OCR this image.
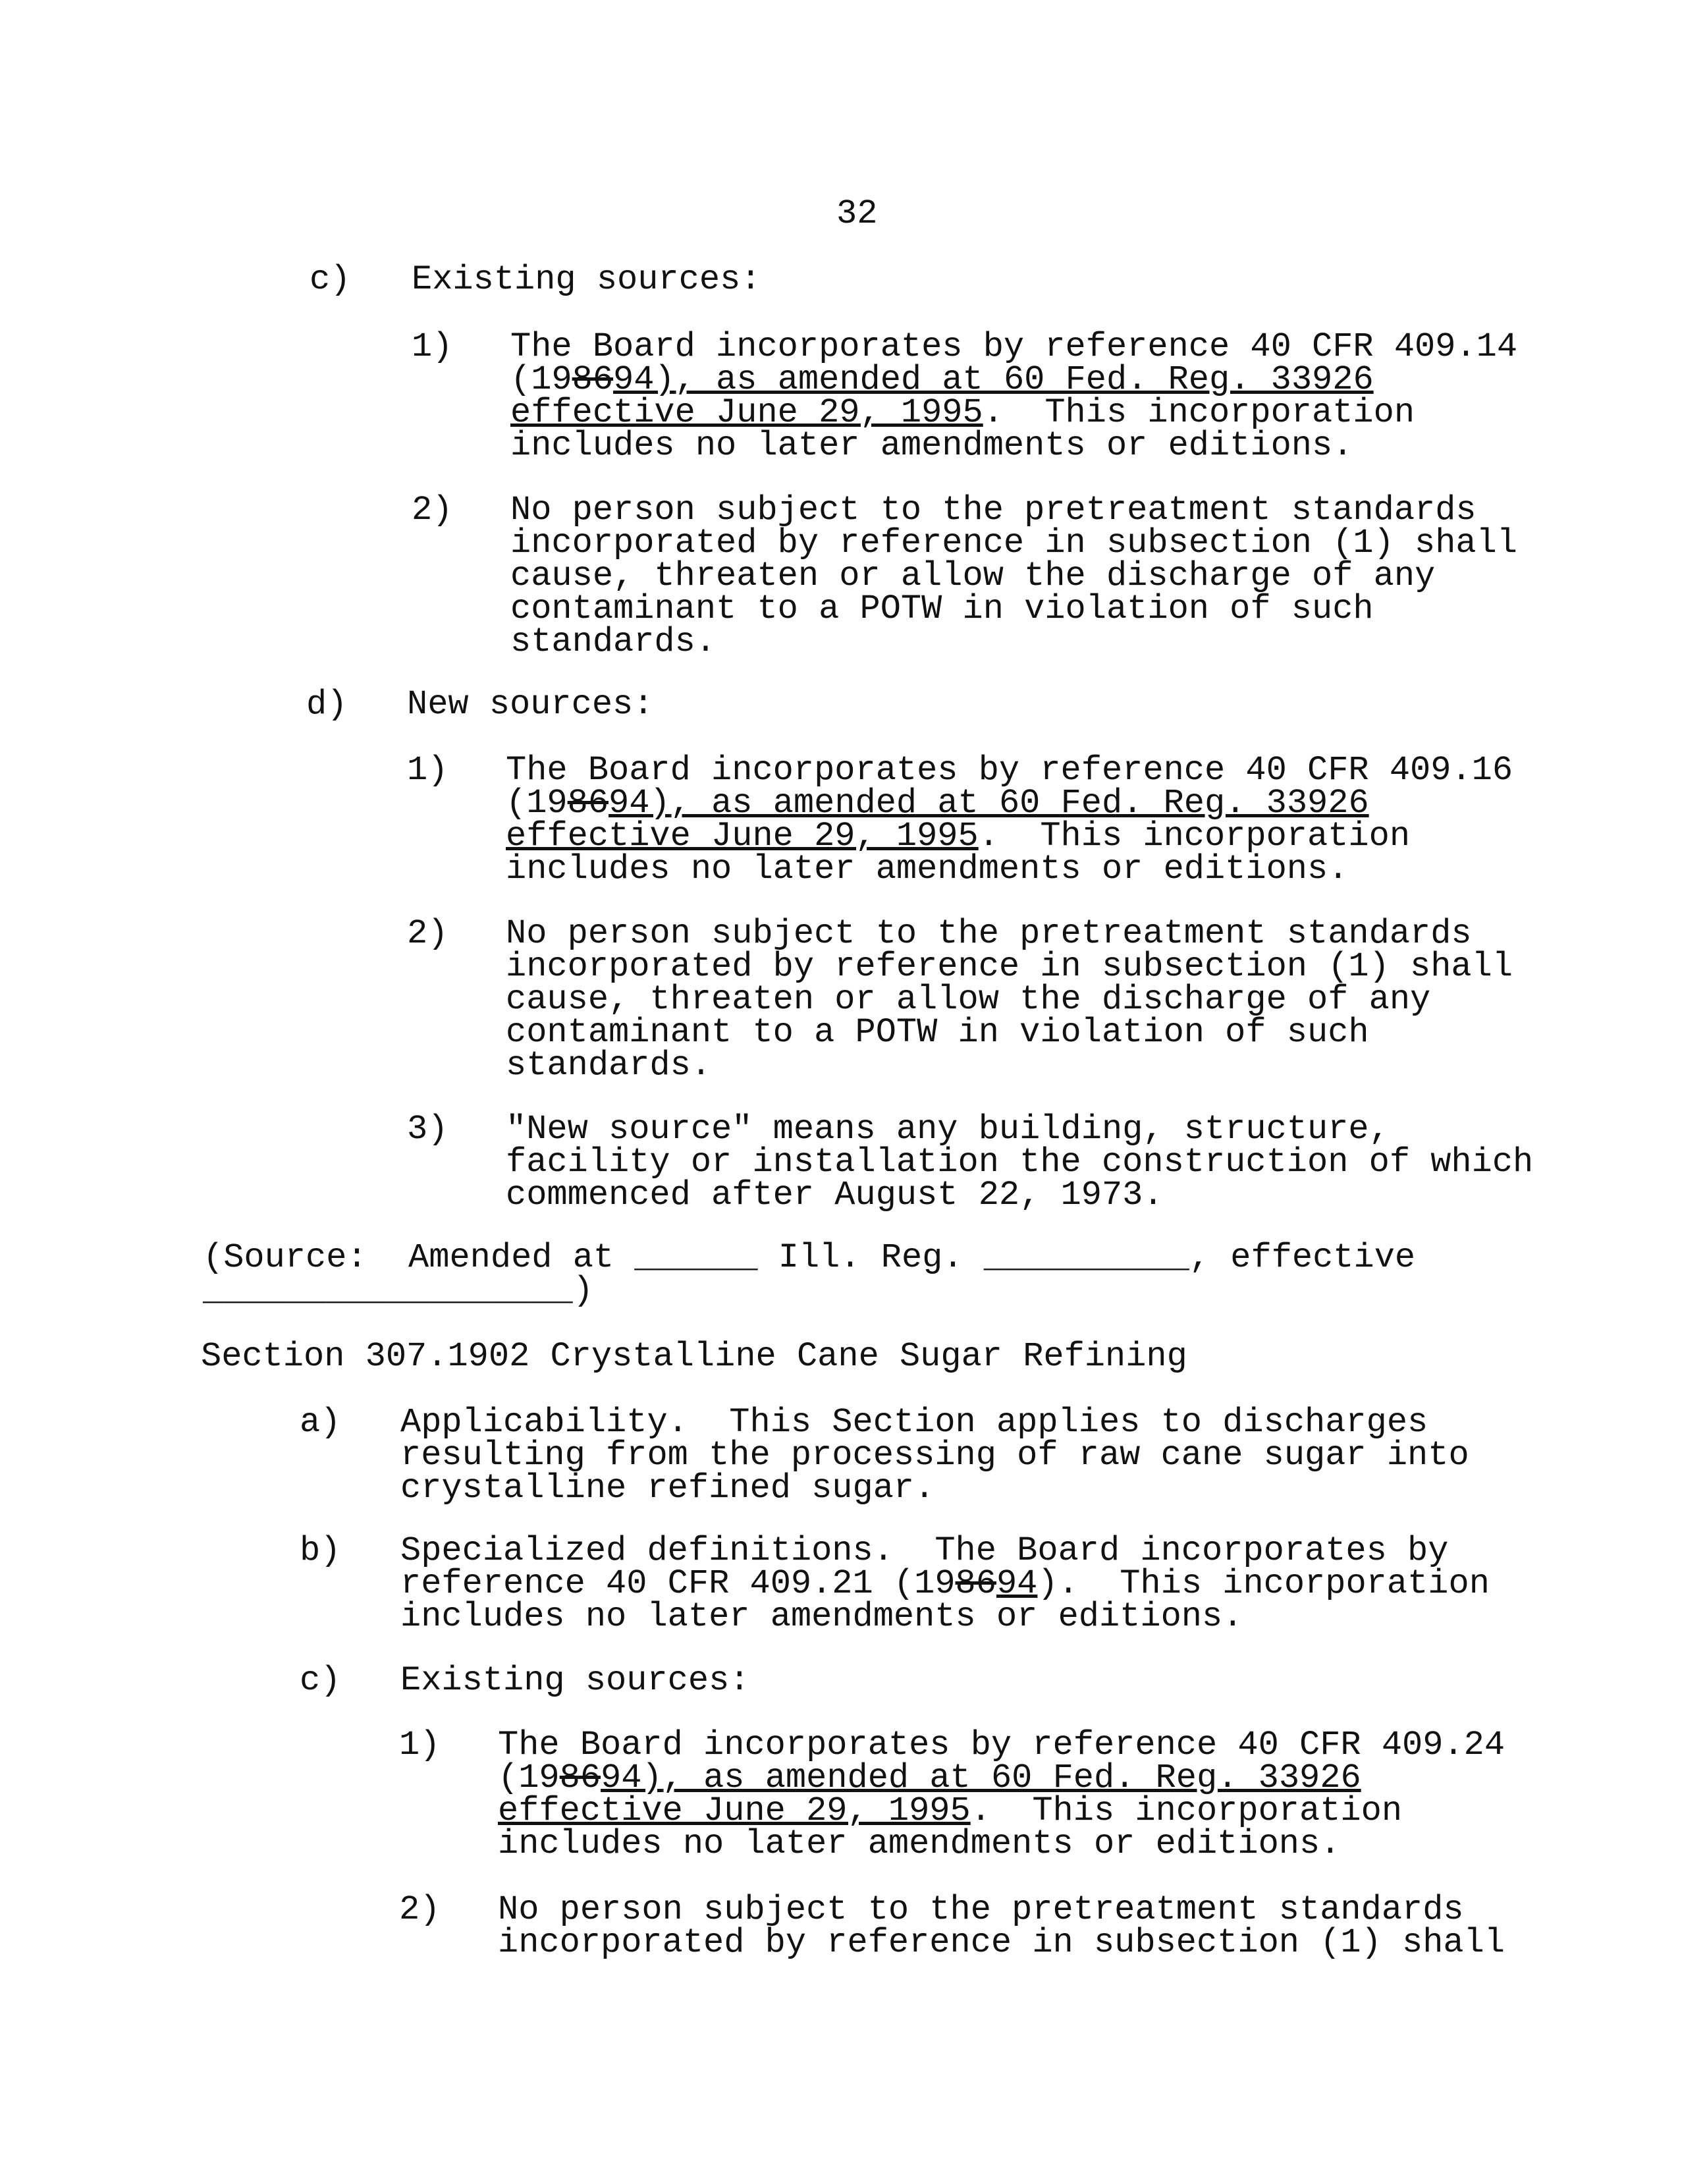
32
c) Existing sources:
1) The Board incorporates by reference 40 CFR 409.14
(198694), as amended at 60 Fed. Reg. 33926
effective June 29, 1995.  This incorporation
includes no later amendments or editions.
2) No person subject to the pretreatment standards
incorporated by reference in subsection (1) shall
cause, threaten or allow the discharge of any
contaminant to a POTW in violation of such
standards.
d) New sources:
1) The Board incorporates by reference 40 CFR 409.16
(198694), as amended at 60 Fed. Reg. 33926
effective June 29, 1995.  This incorporation
includes no later amendments or editions.
2) No person subject to the pretreatment standards
incorporated by reference in subsection (1) shall
cause, threaten or allow the discharge of any
contaminant to a POTW in violation of such
standards.
3) "New source" means any building, structure,
facility or installation the construction of which
commenced after August 22, 1973.
(Source:  Amended at ______ Ill. Reg. __________, effective
__________________)
Section 307.1902 Crystalline Cane Sugar Refining
a) Applicability.  This Section applies to discharges
resulting from the processing of raw cane sugar into
crystalline refined sugar.
b) Specialized definitions.  The Board incorporates by
reference 40 CFR 409.21 (198694).  This incorporation
includes no later amendments or editions.
c) Existing sources:
1) The Board incorporates by reference 40 CFR 409.24
(198694), as amended at 60 Fed. Reg. 33926
effective June 29, 1995.  This incorporation
includes no later amendments or editions.
2) No person subject to the pretreatment standards
incorporated by reference in subsection (1) shall
